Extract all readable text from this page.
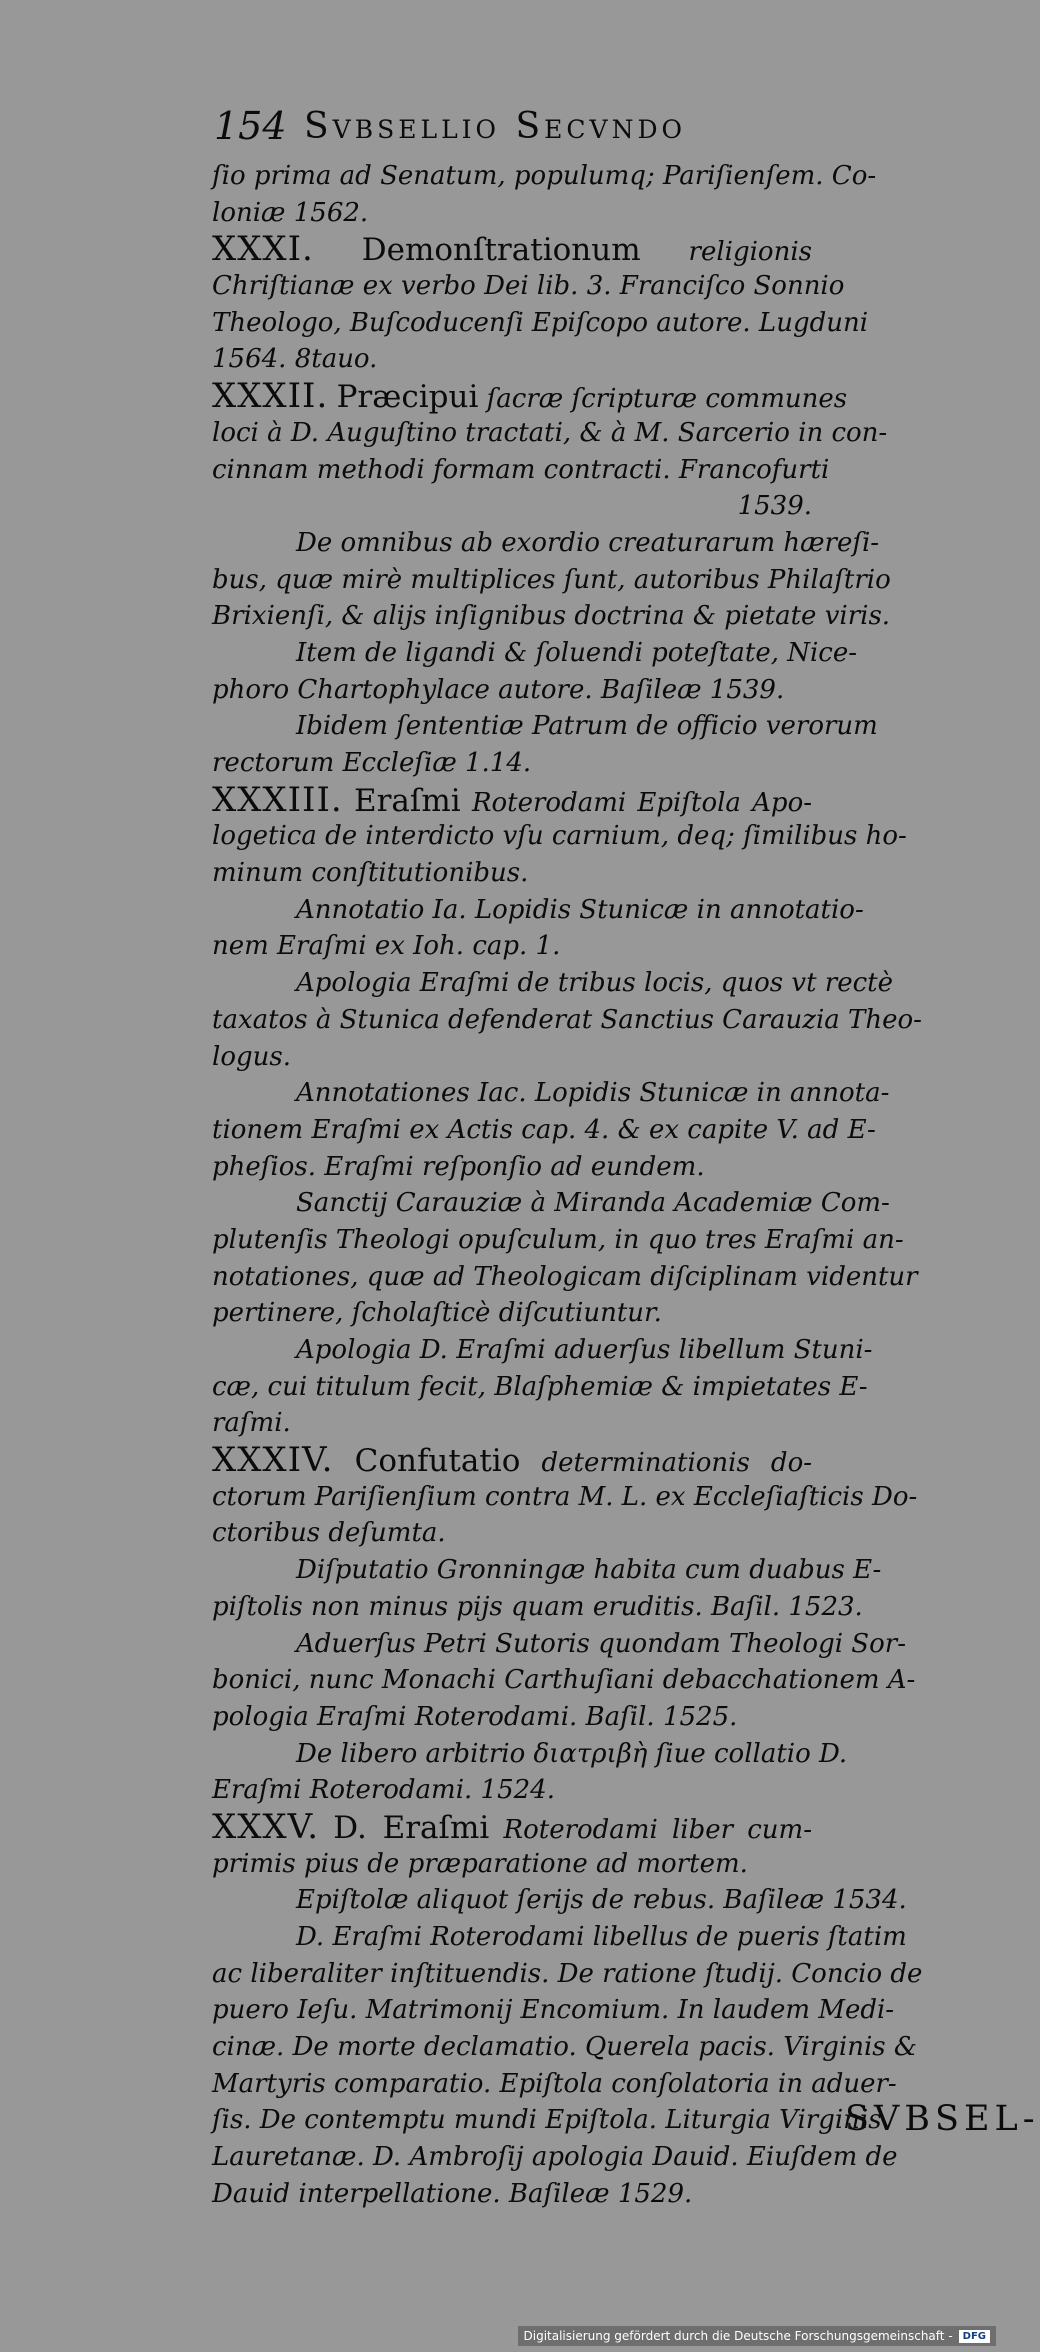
154 Svbsellio Secvndo
ſio prima ad Senatum, populumq; Pariſienſem. Co-
loniæ 1562.
XXXI. Demonſtrationum religionis
Chriſtianæ ex verbo Dei lib. 3. Franciſco Sonnio
Theologo, Buſcoducenſi Epiſcopo autore. Lugduni
1564. 8tauo.
XXXII. Præcipui ſacræ ſcripturæ communes
loci à D. Auguſtino tractati, & à M. Sarcerio in con-
cinnam methodi formam contracti. Francofurti
1539.
De omnibus ab exordio creaturarum hæreſi-
bus, quæ mirè multiplices ſunt, autoribus Philaſtrio
Brixienſi, & alijs inſignibus doctrina & pietate viris.
Item de ligandi & ſoluendi poteſtate, Nice-
phoro Chartophylace autore. Baſileæ 1539.
Ibidem ſententiæ Patrum de officio verorum
rectorum Eccleſiæ 1.14.
XXXIII. Eraſmi Roterodami Epiſtola Apo-
logetica de interdicto vſu carnium, deq; ſimilibus ho-
minum conſtitutionibus.
Annotatio Ia. Lopidis Stunicæ in annotatio-
nem Eraſmi ex Ioh. cap. 1.
Apologia Eraſmi de tribus locis, quos vt rectè
taxatos à Stunica defenderat Sanctius Carauzia Theo-
logus.
Annotationes Iac. Lopidis Stunicæ in annota-
tionem Eraſmi ex Actis cap. 4. & ex capite V. ad E-
pheſios. Eraſmi reſponſio ad eundem.
Sanctij Carauziæ à Miranda Academiæ Com-
plutenſis Theologi opuſculum, in quo tres Eraſmi an-
notationes, quæ ad Theologicam diſciplinam videntur
pertinere, ſcholaſticè diſcutiuntur.
Apologia D. Eraſmi aduerſus libellum Stuni-
cæ, cui titulum fecit, Blaſphemiæ & impietates E-
raſmi.
XXXIV. Confutatio determinationis do-
ctorum Pariſienſium contra M. L. ex Eccleſiaſticis Do-
ctoribus deſumta.
Diſputatio Gronningæ habita cum duabus E-
piſtolis non minus pijs quam eruditis. Baſil. 1523.
Aduerſus Petri Sutoris quondam Theologi Sor-
bonici, nunc Monachi Carthuſiani debacchationem A-
pologia Eraſmi Roterodami. Baſil. 1525.
De libero arbitrio διατριβὴ ſiue collatio D.
Eraſmi Roterodami. 1524.
XXXV. D. Eraſmi Roterodami liber cum-
primis pius de præparatione ad mortem.
Epiſtolæ aliquot ſerijs de rebus. Baſileæ 1534.
D. Eraſmi Roterodami libellus de pueris ſtatim
ac liberaliter inſtituendis. De ratione ſtudij. Concio de
puero Ieſu. Matrimonij Encomium. In laudem Medi-
cinæ. De morte declamatio. Querela pacis. Virginis &
Martyris comparatio. Epiſtola conſolatoria in aduer-
ſis. De contemptu mundi Epiſtola. Liturgia Virginis
Lauretanæ. D. Ambroſij apologia Dauid. Eiuſdem de
Dauid interpellatione. Baſileæ 1529.
SVBSEL-
Digitalisierung gefördert durch die Deutsche Forschungsgemeinschaft -	DFG
